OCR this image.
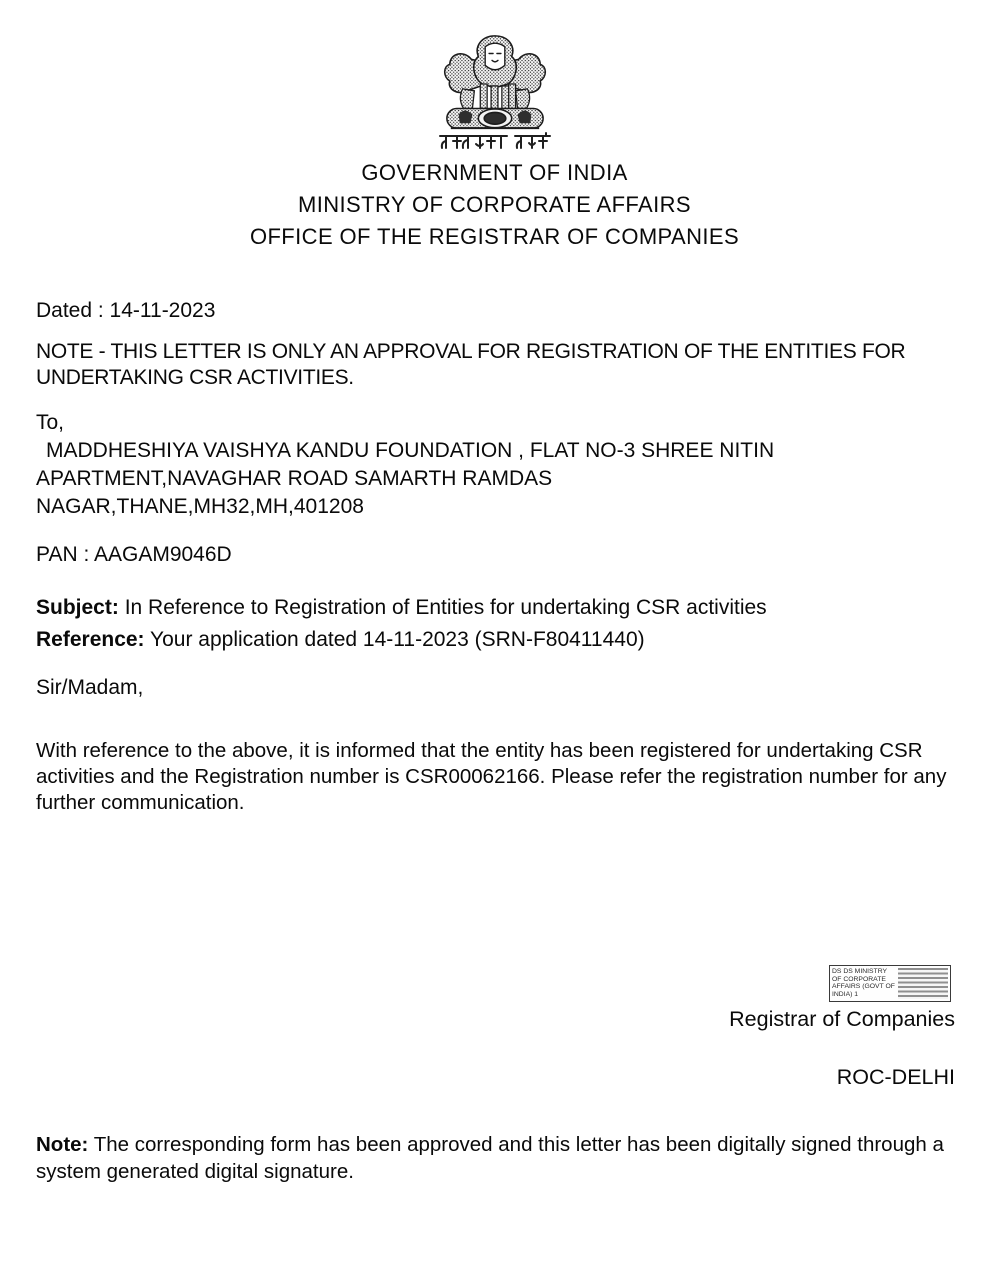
GOVERNMENT OF INDIA
MINISTRY OF CORPORATE AFFAIRS
OFFICE OF THE REGISTRAR OF COMPANIES
Dated : 14-11-2023
NOTE - THIS LETTER IS ONLY AN APPROVAL FOR REGISTRATION OF THE ENTITIES FOR UNDERTAKING CSR ACTIVITIES.
To,
MADDHESHIYA VAISHYA KANDU FOUNDATION , FLAT NO-3 SHREE NITIN
APARTMENT,NAVAGHAR ROAD SAMARTH RAMDAS
NAGAR,THANE,MH32,MH,401208
PAN : AAGAM9046D
Subject: In Reference to Registration of Entities for undertaking CSR activities
Reference: Your application dated 14-11-2023 (SRN-F80411440)
Sir/Madam,
With reference to the above, it is informed that the entity has been registered for undertaking CSR activities and the Registration number is CSR00062166. Please refer the registration number for any further communication.
DS DS MINISTRY
OF CORPORATE
AFFAIRS (GOVT OF
INDIA) 1
Registrar of Companies
ROC-DELHI
Note: The corresponding form has been approved and this letter has been digitally signed through a system generated digital signature.
